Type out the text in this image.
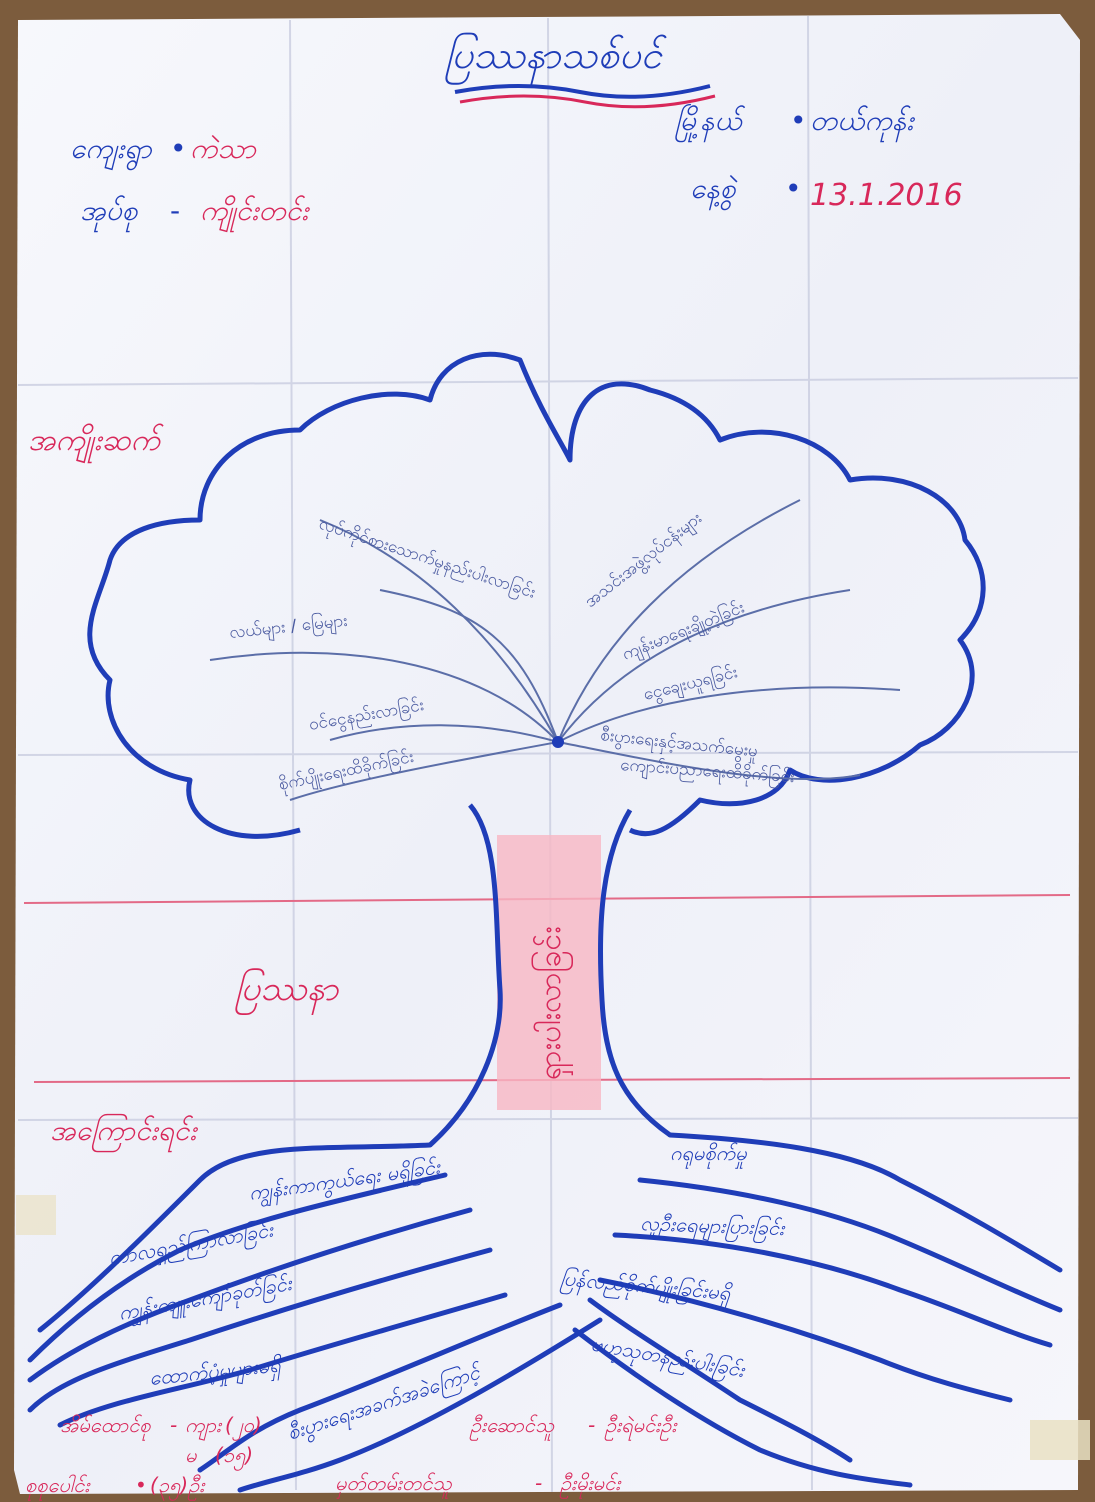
ပြဿနာသစ်ပင်
ကျေးရွာ • ကဲသာ
အုပ်စု - ကျိုင်းတင်း
မြို့နယ် • တယ်ကုန်း
နေ့စွဲ • 13.1.2016
အကျိုးဆက်
ပြဿနာ
အကြောင်းရင်း
ရှားပါးလာခြင်း
လုပ်ကိုင်စားသောက်မှုနည်းပါးလာခြင်း	အသင်းအဖွဲ့လုပ်ငန်းများ
လယ်များ / မြေများ
ဝင်ငွေနည်းလာခြင်း
ကျန်းမာရေးချို့တဲ့ခြင်း
ငွေချေးယူရခြင်း
စိုက်ပျိုးရေးထိခိုက်ခြင်း
စီးပွားရေးနှင့်အသက်မွေးမှု
ကျောင်းပညာရေးထိခိုက်ခြင်း
ကျွန်းကာကွယ်ရေး မရှိခြင်း
ကာလရှည်ကြာလာခြင်း
ကျွန်းကျူးကျော်ခုတ်ခြင်း
ထောက်ပံ့မှုများမရှိ
ပြန်လည်စိုက်ပျိုးခြင်းမရှိ
ဂရုမစိုက်မှု
လူဦးရေများပြားခြင်း
ဗဟုသုတနည်းပါးခြင်း
စီးပွားရေးအခက်အခဲကြောင့်
အိမ်ထောင်စု - ကျား (၂၀)
မ (၁၅)
စုစုပေါင်း • (၃၅)ဦး
ဦးဆောင်သူ - ဦးရဲမင်းဦး
မှတ်တမ်းတင်သူ	- ဦးမိုးမင်း
